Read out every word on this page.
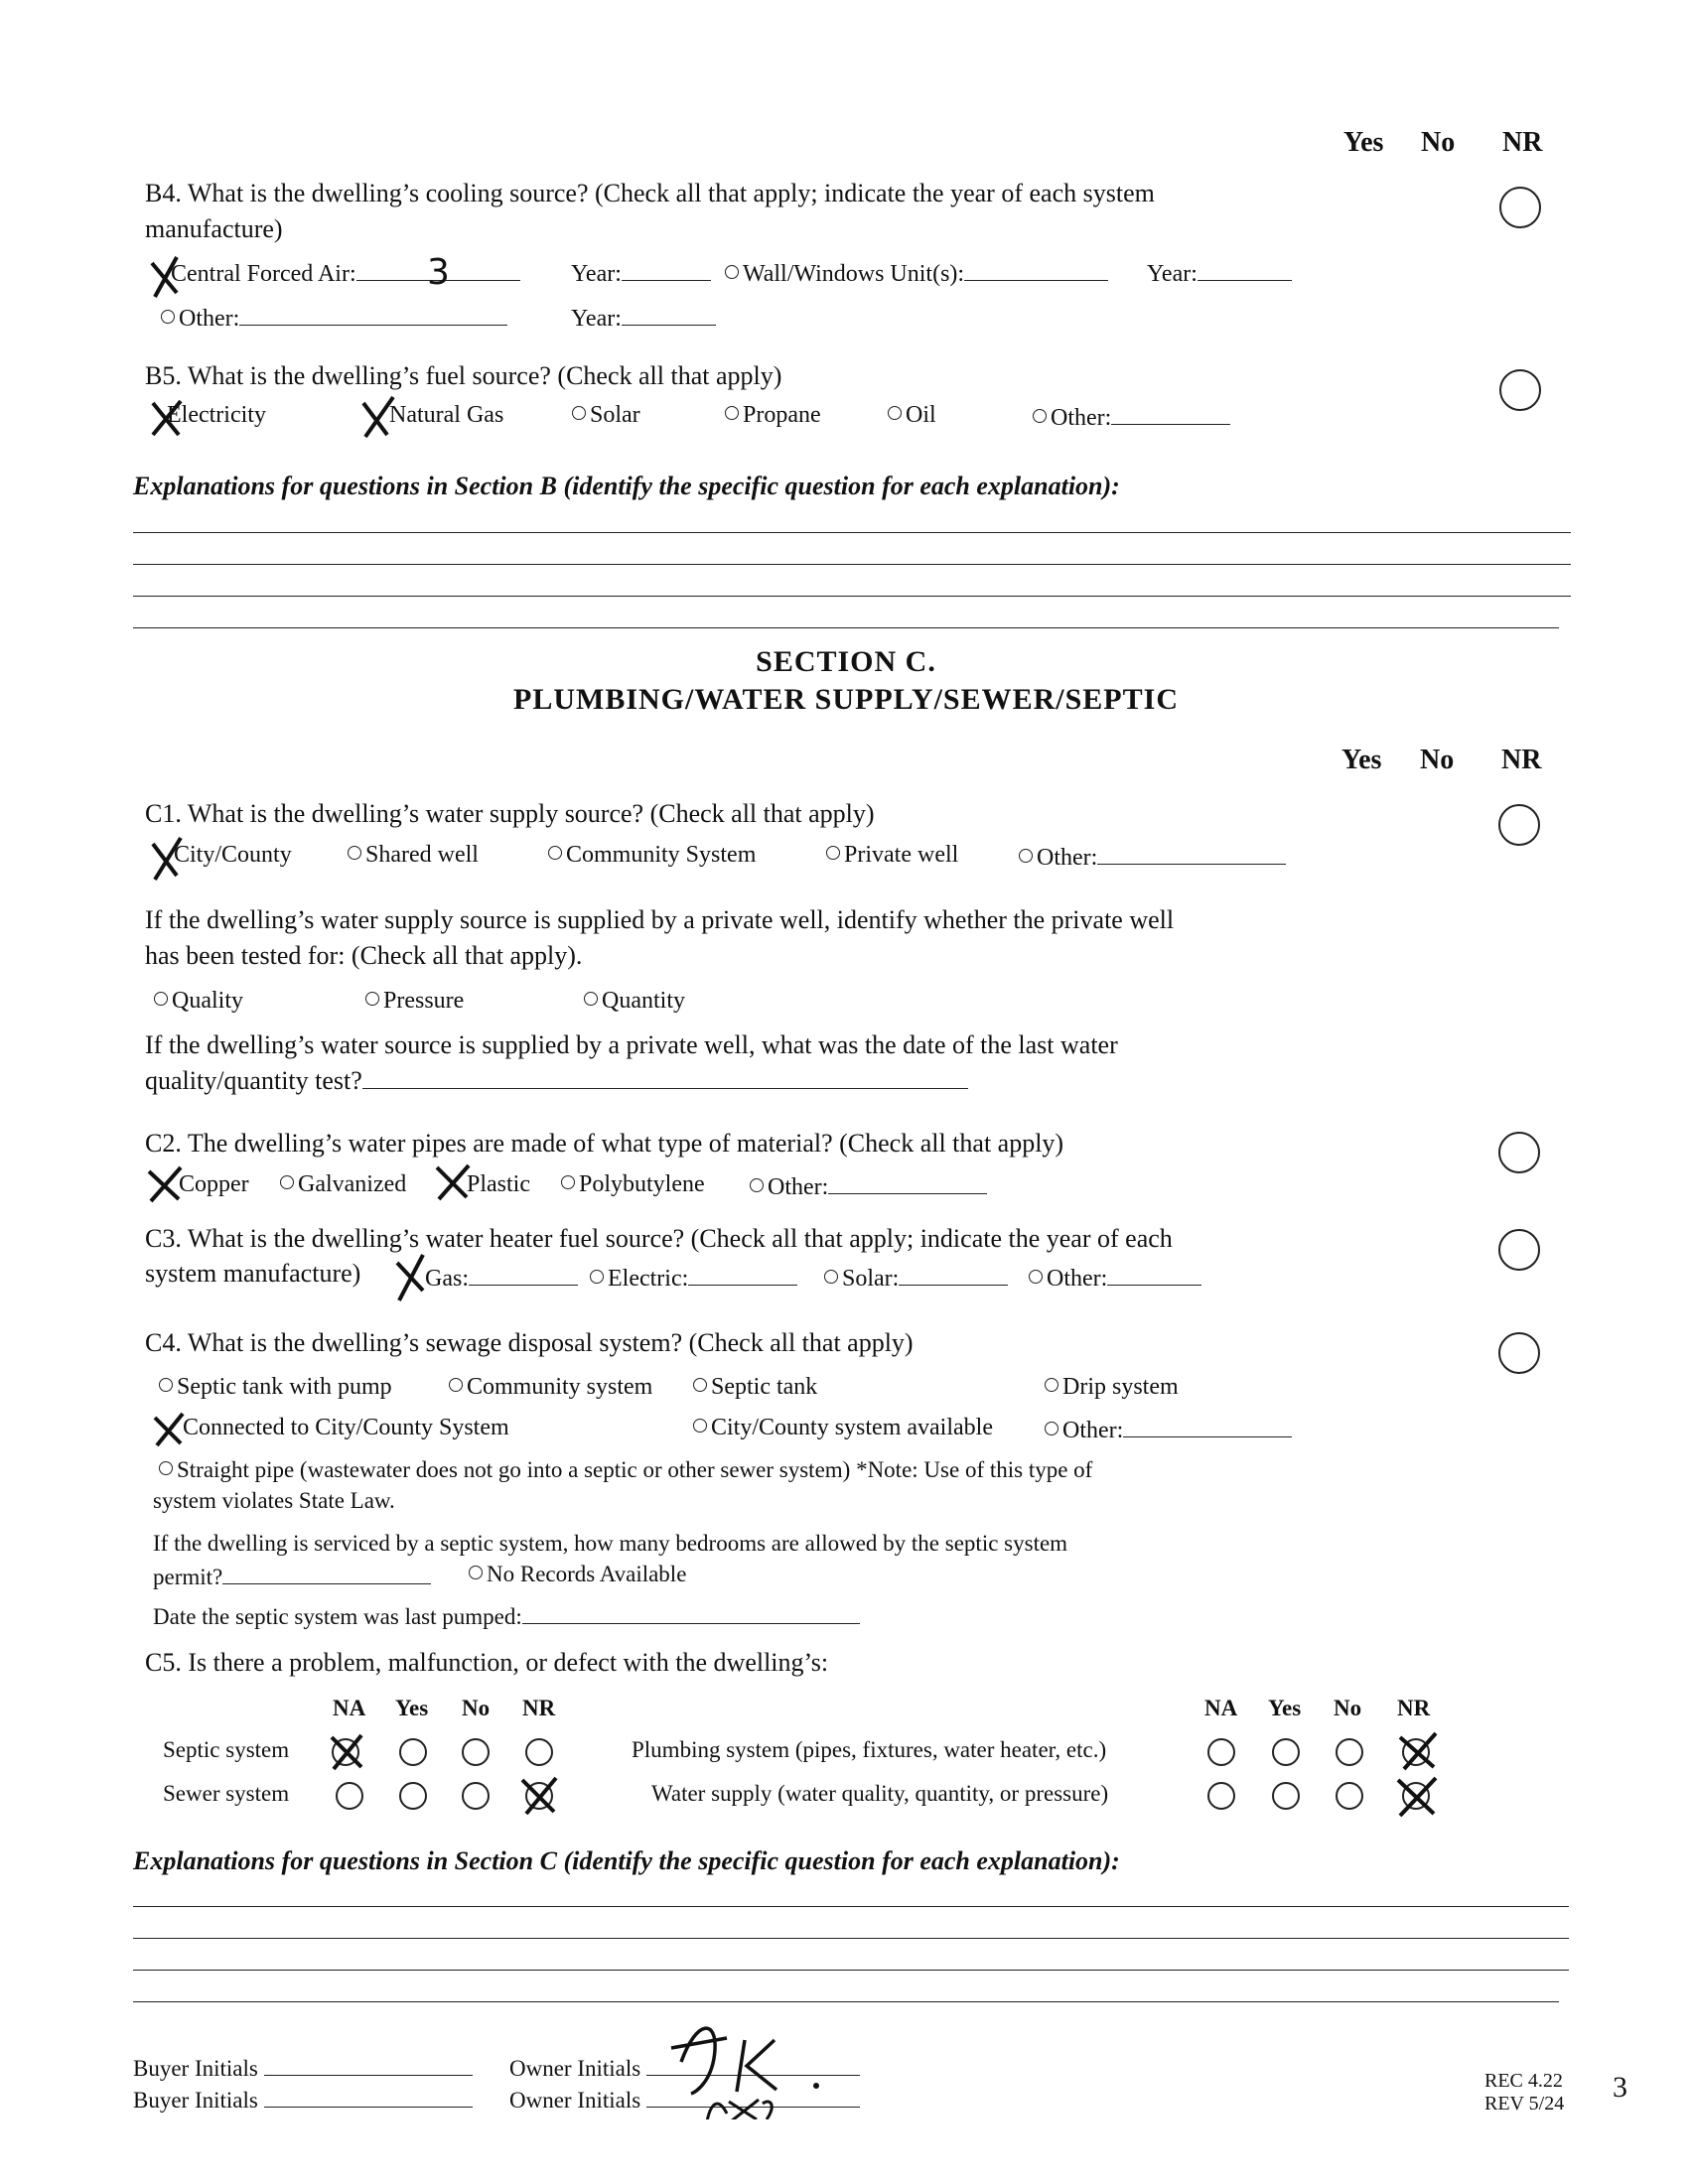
Yes No NR
B4. What is the dwelling’s cooling source? (Check all that apply; indicate the year of each system
manufacture)
Central Forced Air:	3	Year:	Wall/Windows Unit(s):	Year:
Other:	Year:
B5. What is the dwelling’s fuel source? (Check all that apply)
Electricity	Natural Gas	Solar	Propane	Oil	Other:
Explanations for questions in Section B (identify the specific question for each explanation):
SECTION C.
PLUMBING/WATER SUPPLY/SEWER/SEPTIC
Yes No NR
C1. What is the dwelling’s water supply source? (Check all that apply)
City/County	Shared well	Community System	Private well	Other:
If the dwelling’s water supply source is supplied by a private well, identify whether the private well
has been tested for: (Check all that apply).
Quality	Pressure	Quantity
If the dwelling’s water source is supplied by a private well, what was the date of the last water
quality/quantity test?
C2. The dwelling’s water pipes are made of what type of material? (Check all that apply)
Copper	Galvanized	Plastic	Polybutylene	Other:
C3. What is the dwelling’s water heater fuel source? (Check all that apply; indicate the year of each
system manufacture)	Gas:	Electric:	Solar:	Other:
C4. What is the dwelling’s sewage disposal system? (Check all that apply)
Septic tank with pump	Community system	Septic tank	Drip system
Connected to City/County System	City/County system available	Other:
Straight pipe (wastewater does not go into a septic or other sewer system) *Note: Use of this type of
system violates State Law.
If the dwelling is serviced by a septic system, how many bedrooms are allowed by the septic system
permit?	No Records Available
Date the septic system was last pumped:
C5. Is there a problem, malfunction, or defect with the dwelling’s:
NA Yes No NR	NA Yes No NR
Septic system	Plumbing system (pipes, fixtures, water heater, etc.)
Sewer system	Water supply (water quality, quantity, or pressure)
Explanations for questions in Section C (identify the specific question for each explanation):
Buyer Initials
Buyer Initials
Owner Initials
Owner Initials
REC 4.22
REV 5/24 3
